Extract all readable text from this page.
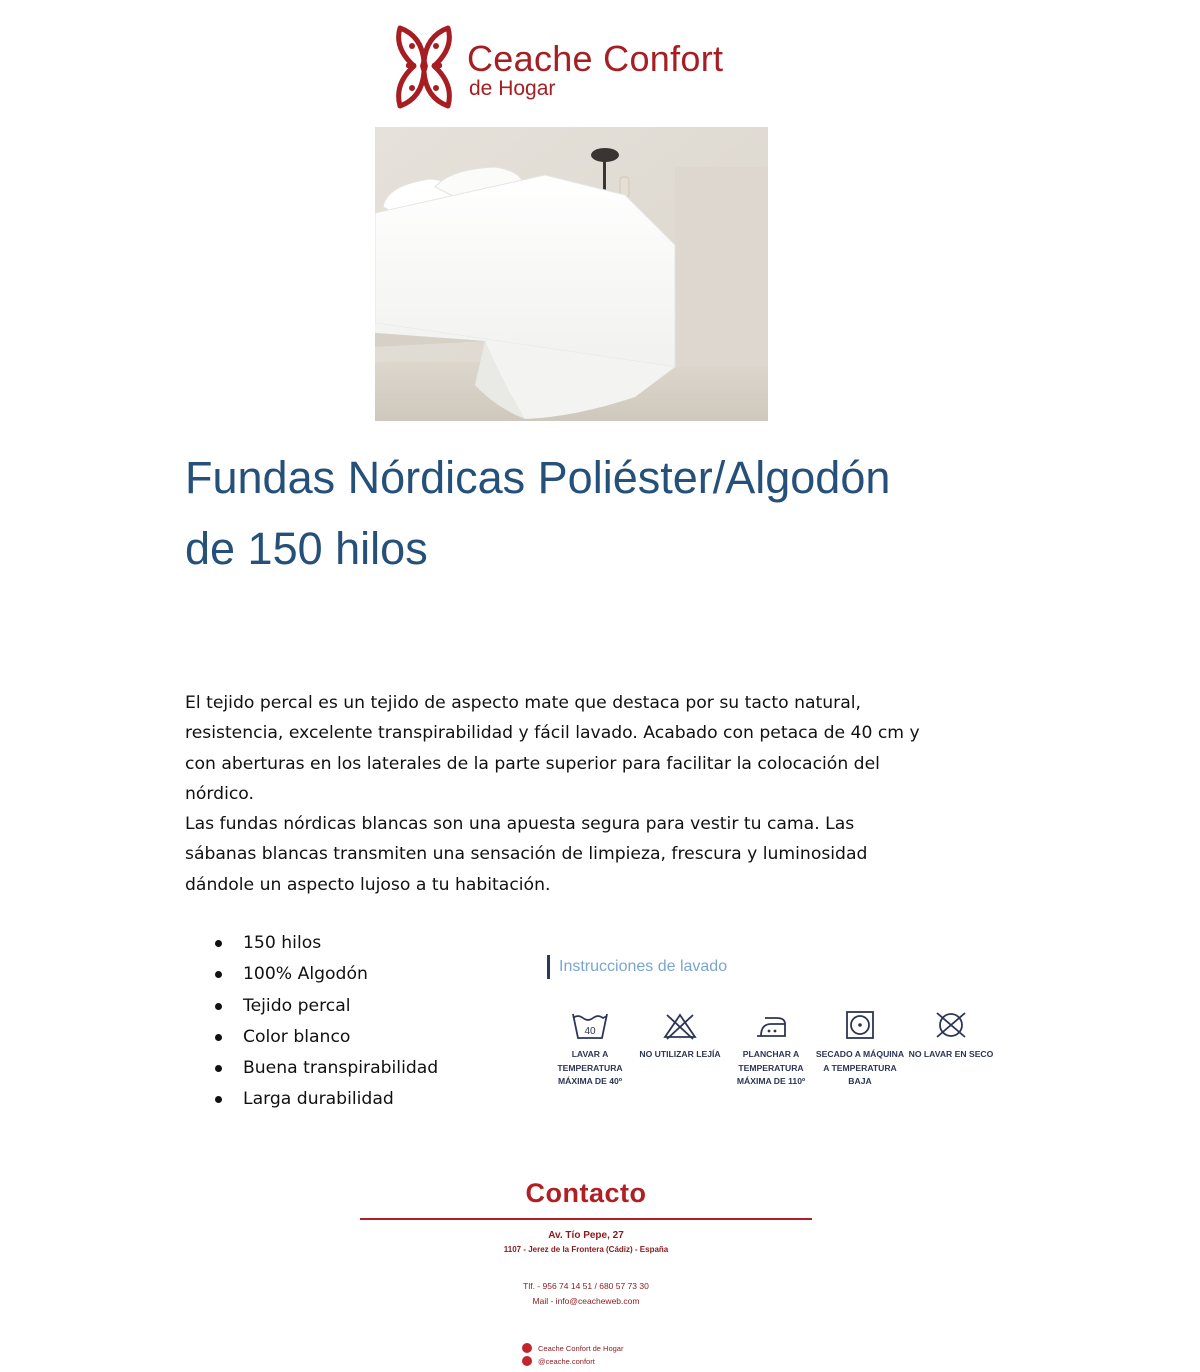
Ceache Confort
de Hogar
Fundas Nórdicas Poliéster/Algodón de 150 hilos

El tejido percal es un tejido de aspecto mate que destaca por su tacto natural, resistencia, excelente transpirabilidad y fácil lavado. Acabado con petaca de 40 cm y con aberturas en los laterales de la parte superior para facilitar la colocación del nórdico.

Las fundas nórdicas blancas son una apuesta segura para vestir tu cama. Las sábanas blancas transmiten una sensación de limpieza, frescura y luminosidad dándole un aspecto lujoso a tu habitación.

150 hilos
100% Algodón
Tejido percal
Color blanco
Buena transpirabilidad
Larga durabilidad
Instrucciones de lavado
40
LAVAR A TEMPERATURA MÁXIMA DE 40º
NO UTILIZAR LEJÍA	PLANCHAR A TEMPERATURA MÁXIMA DE 110º
SECADO A MÁQUINA A TEMPERATURA BAJA
NO LAVAR EN SECO
Contacto
Av. Tío Pepe, 27
1107 - Jerez de la Frontera (Cádiz) - España
Tlf. - 956 74 14 51 / 680 57 73 30
Mail - info@ceacheweb.com
Ceache Confort de Hogar
@ceache.confort
